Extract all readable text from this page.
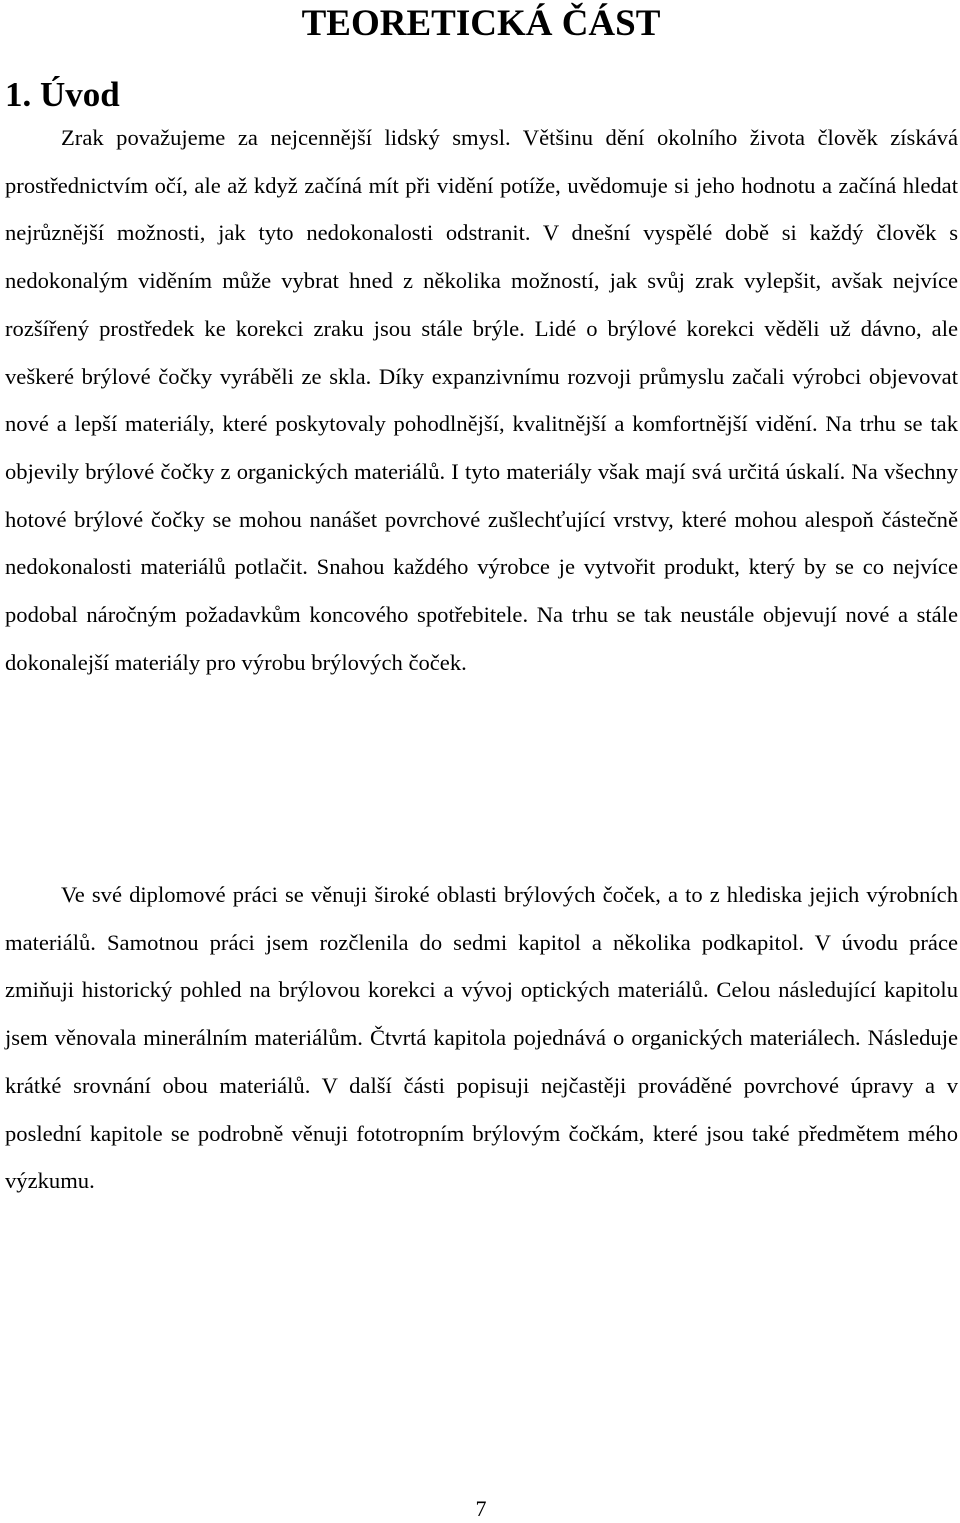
TEORETICKÁ ČÁST
1. Úvod

Zrak považujeme za nejcennější lidský smysl. Většinu dění okolního života člověk získává prostřednictvím očí, ale až když začíná mít při vidění potíže, uvědomuje si jeho hodnotu a začíná hledat nejrůznější možnosti, jak tyto nedokonalosti odstranit. V dnešní vyspělé době si každý člověk s nedokonalým viděním může vybrat hned z několika možností, jak svůj zrak vylepšit, avšak nejvíce rozšířený prostředek ke korekci zraku jsou stále brýle. Lidé o brýlové korekci věděli už dávno, ale veškeré brýlové čočky vyráběli ze skla. Díky expanzivnímu rozvoji průmyslu začali výrobci objevovat nové a lepší materiály, které poskytovaly pohodlnější, kvalitnější a komfortnější vidění. Na trhu se tak objevily brýlové čočky z organických materiálů. I tyto materiály však mají svá určitá úskalí. Na všechny hotové brýlové čočky se mohou nanášet povrchové zušlechťující vrstvy, které mohou alespoň částečně nedokonalosti materiálů potlačit. Snahou každého výrobce je vytvořit produkt, který by se co nejvíce podobal náročným požadavkům koncového spotřebitele. Na trhu se tak neustále objevují nové a stále dokonalejší materiály pro výrobu brýlových čoček.

Ve své diplomové práci se věnuji široké oblasti brýlových čoček, a to z hlediska jejich výrobních materiálů. Samotnou práci jsem rozčlenila do sedmi kapitol a několika podkapitol. V úvodu práce zmiňuji historický pohled na brýlovou korekci a vývoj optických materiálů. Celou následující kapitolu jsem věnovala minerálním materiálům. Čtvrtá kapitola pojednává o organických materiálech. Následuje krátké srovnání obou materiálů. V další části popisuji nejčastěji prováděné povrchové úpravy a v poslední kapitole se podrobně věnuji fototropním brýlovým čočkám, které jsou také předmětem mého výzkumu.

7
